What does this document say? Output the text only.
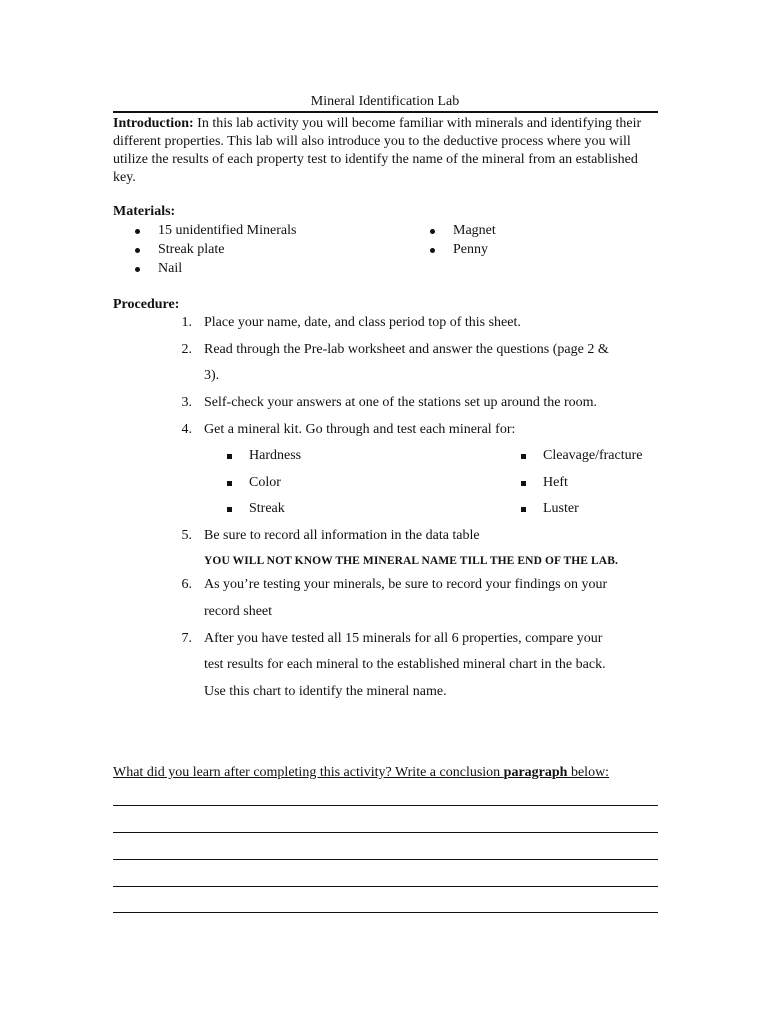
Mineral Identification Lab
Introduction: In this lab activity you will become familiar with minerals and identifying their different properties. This lab will also introduce you to the deductive process where you will utilize the results of each property test to identify the name of the mineral from an established key.
Materials:
15 unidentified Minerals
Streak plate
Nail
Magnet
Penny
Procedure:
1. Place your name, date, and class period top of this sheet.
2. Read through the Pre-lab worksheet and answer the questions (page 2 &
3).
3. Self-check your answers at one of the stations set up around the room.
4. Get a mineral kit. Go through and test each mineral for:
Hardness
Color
Streak
Cleavage/fracture
Heft
Luster
5. Be sure to record all information in the data table
YOU WILL NOT KNOW THE MINERAL NAME TILL THE END OF THE LAB.
6. As you’re testing your minerals, be sure to record your findings on your
record sheet
7. After you have tested all 15 minerals for all 6 properties, compare your
test results for each mineral to the established mineral chart in the back.
Use this chart to identify the mineral name.
What did you learn after completing this activity? Write a conclusion paragraph below:
